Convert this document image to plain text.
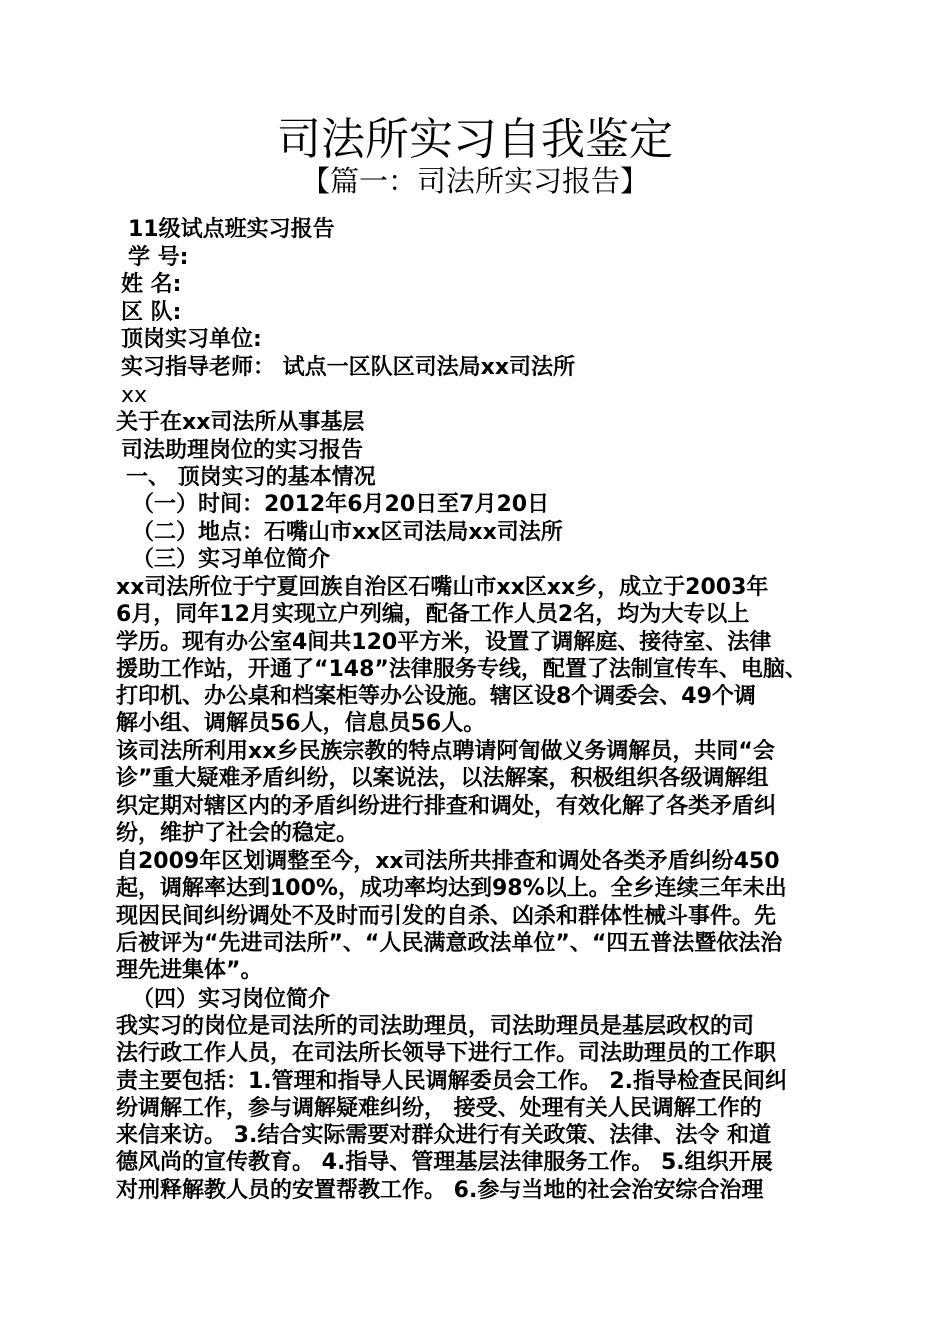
司法所实习自我鉴定
【篇一：司法所实习报告】
11级试点班实习报告
学 号:
姓 名:
区 队:
顶岗实习单位:
实习指导老师： 试点一区队区司法局xx司法所
xx
关于在xx司法所从事基层
司法助理岗位的实习报告
一、 顶岗实习的基本情况
（一）时间：2012年6月20日至7月20日
（二）地点：石嘴山市xx区司法局xx司法所
（三）实习单位简介
xx司法所位于宁夏回族自治区石嘴山市xx区xx乡，成立于2003年
6月，同年12月实现立户列编，配备工作人员2名，均为大专以上
学历。现有办公室4间共120平方米，设置了调解庭、接待室、法律
援助工作站，开通了“148”法律服务专线，配置了法制宣传车、电脑、
打印机、办公桌和档案柜等办公设施。辖区设8个调委会、49个调
解小组、调解员56人，信息员56人。
该司法所利用xx乡民族宗教的特点聘请阿訇做义务调解员，共同“会
诊”重大疑难矛盾纠纷，以案说法，以法解案，积极组织各级调解组
织定期对辖区内的矛盾纠纷进行排查和调处，有效化解了各类矛盾纠
纷，维护了社会的稳定。
自2009年区划调整至今，xx司法所共排查和调处各类矛盾纠纷450
起，调解率达到100%，成功率均达到98%以上。全乡连续三年未出
现因民间纠纷调处不及时而引发的自杀、凶杀和群体性械斗事件。先
后被评为“先进司法所”、“人民满意政法单位”、“四五普法暨依法治
理先进集体”。
（四）实习岗位简介
我实习的岗位是司法所的司法助理员，司法助理员是基层政权的司
法行政工作人员，在司法所长领导下进行工作。司法助理员的工作职
责主要包括：1.管理和指导人民调解委员会工作。 2.指导检查民间纠
纷调解工作，参与调解疑难纠纷， 接受、处理有关人民调解工作的
来信来访。 3.结合实际需要对群众进行有关政策、法律、法令 和道
德风尚的宣传教育。 4.指导、管理基层法律服务工作。 5.组织开展
对刑释解教人员的安置帮教工作。 6.参与当地的社会治安综合治理
